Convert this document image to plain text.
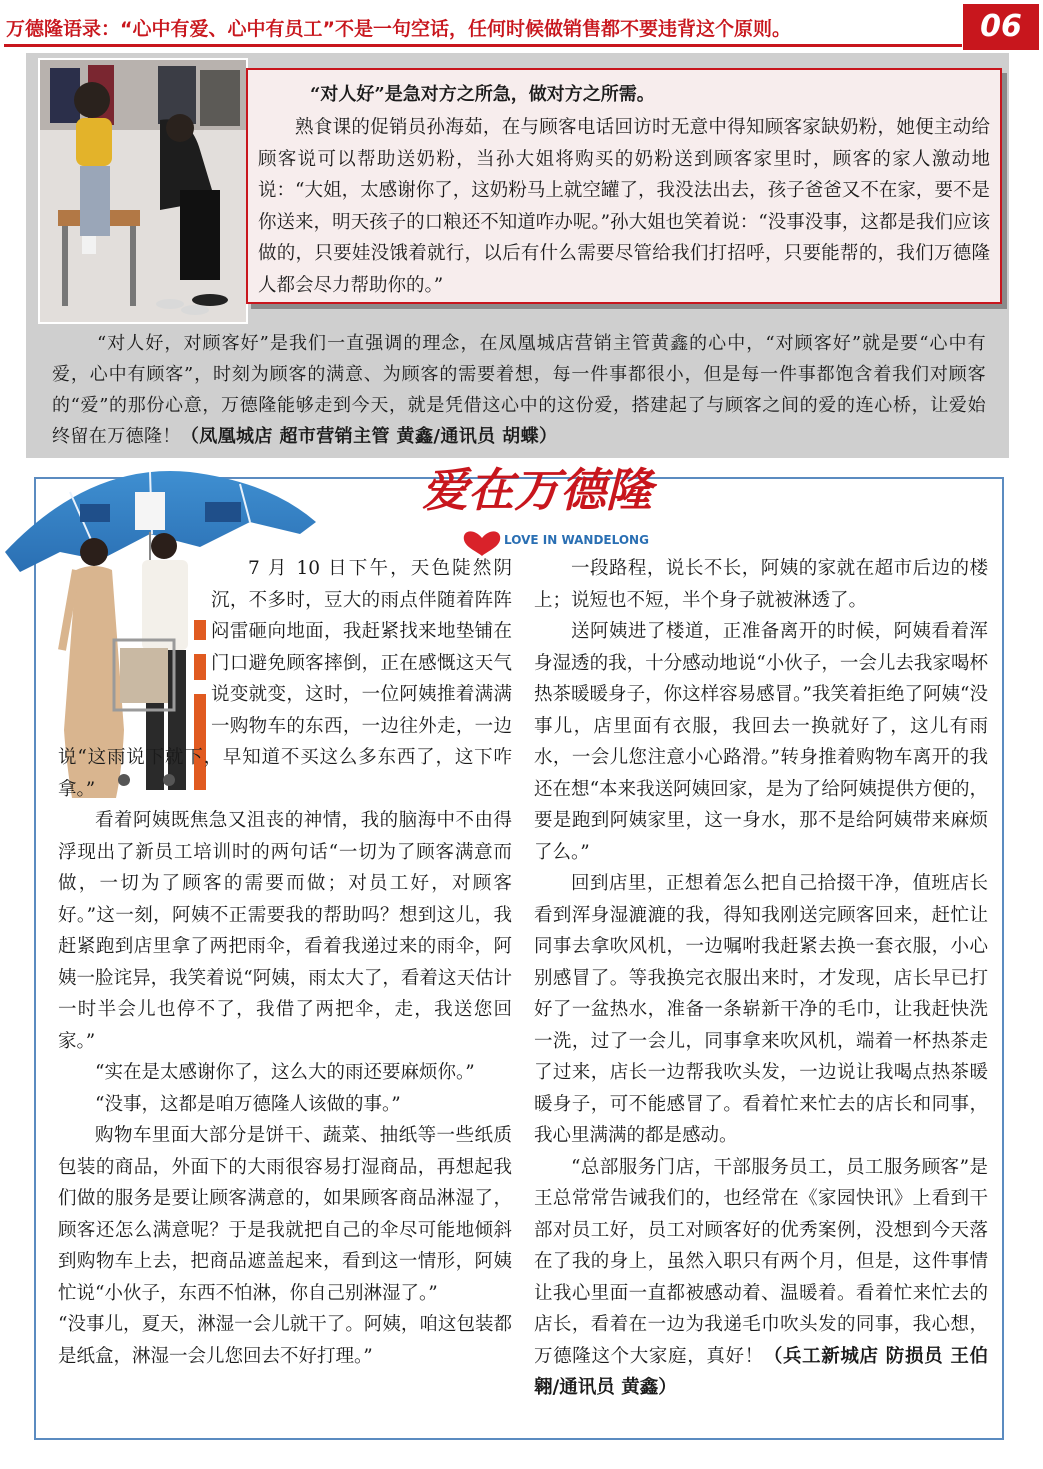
万德隆语录：“心中有爱、心中有员工”不是一句空话，任何时候做销售都不要违背这个原则。	06
“对人好”是急对方之所急，做对方之所需。
熟食课的促销员孙海茹，在与顾客电话回访时无意中得知顾客家缺奶粉，她便主动给顾客说可以帮助送奶粉，当孙大姐将购买的奶粉送到顾客家里时，顾客的家人激动地说：“大姐，太感谢你了，这奶粉马上就空罐了，我没法出去，孩子爸爸又不在家，要不是你送来，明天孩子的口粮还不知道咋办呢。”孙大姐也笑着说：“没事没事，这都是我们应该做的，只要娃没饿着就行，以后有什么需要尽管给我们打招呼，只要能帮的，我们万德隆人都会尽力帮助你的。”
“对人好，对顾客好”是我们一直强调的理念，在凤凰城店营销主管黄鑫的心中，“对顾客好”就是要“心中有爱，心中有顾客”，时刻为顾客的满意、为顾客的需要着想，每一件事都很小，但是每一件事都饱含着我们对顾客的“爱”的那份心意，万德隆能够走到今天，就是凭借这心中的这份爱，搭建起了与顾客之间的爱的连心桥，让爱始终留在万德隆！（凤凰城店 超市营销主管 黄鑫/通讯员 胡蝶）
百姓人的安心之选
爱在万德隆
LOVE IN WANDELONG

7 月 10 日下午，天色陡然阴沉，不多时，豆大的雨点伴随着阵阵闷雷砸向地面，我赶紧找来地垫铺在门口避免顾客摔倒，正在感慨这天气说变就变，这时，一位阿姨推着满满一购物车的东西，一边往外走，一边说“这雨说下就下，早知道不买这么多东西了，这下咋拿。”

看着阿姨既焦急又沮丧的神情，我的脑海中不由得浮现出了新员工培训时的两句话“一切为了顾客满意而做，一切为了顾客的需要而做；对员工好，对顾客好。”这一刻，阿姨不正需要我的帮助吗？想到这儿，我赶紧跑到店里拿了两把雨伞，看着我递过来的雨伞，阿姨一脸诧异，我笑着说“阿姨，雨太大了，看着这天估计一时半会儿也停不了，我借了两把伞，走，我送您回家。”

“实在是太感谢你了，这么大的雨还要麻烦你。”

“没事，这都是咱万德隆人该做的事。”

购物车里面大部分是饼干、蔬菜、抽纸等一些纸质包装的商品，外面下的大雨很容易打湿商品，再想起我们做的服务是要让顾客满意的，如果顾客商品淋湿了，顾客还怎么满意呢？于是我就把自己的伞尽可能地倾斜到购物车上去，把商品遮盖起来，看到这一情形，阿姨忙说“小伙子，东西不怕淋，你自己别淋湿了。”

“没事儿，夏天，淋湿一会儿就干了。阿姨，咱这包装都是纸盒，淋湿一会儿您回去不好打理。”

一段路程，说长不长，阿姨的家就在超市后边的楼上；说短也不短，半个身子就被淋透了。

送阿姨进了楼道，正准备离开的时候，阿姨看着浑身湿透的我，十分感动地说“小伙子，一会儿去我家喝杯热茶暖暖身子，你这样容易感冒。”我笑着拒绝了阿姨“没事儿，店里面有衣服，我回去一换就好了，这儿有雨水，一会儿您注意小心路滑。”转身推着购物车离开的我还在想“本来我送阿姨回家，是为了给阿姨提供方便的，要是跑到阿姨家里，这一身水，那不是给阿姨带来麻烦了么。”

回到店里，正想着怎么把自己拾掇干净，值班店长看到浑身湿漉漉的我，得知我刚送完顾客回来，赶忙让同事去拿吹风机，一边嘱咐我赶紧去换一套衣服，小心别感冒了。等我换完衣服出来时，才发现，店长早已打好了一盆热水，准备一条崭新干净的毛巾，让我赶快洗一洗，过了一会儿，同事拿来吹风机，端着一杯热茶走了过来，店长一边帮我吹头发，一边说让我喝点热茶暖暖身子，可不能感冒了。看着忙来忙去的店长和同事，我心里满满的都是感动。

“总部服务门店，干部服务员工，员工服务顾客”是王总常常告诫我们的，也经常在《家园快讯》上看到干部对员工好，员工对顾客好的优秀案例，没想到今天落在了我的身上，虽然入职只有两个月，但是，这件事情让我心里面一直都被感动着、温暖着。看着忙来忙去的店长，看着在一边为我递毛巾吹头发的同事，我心想，万德隆这个大家庭，真好！（兵工新城店 防损员 王伯翱/通讯员 黄鑫）
